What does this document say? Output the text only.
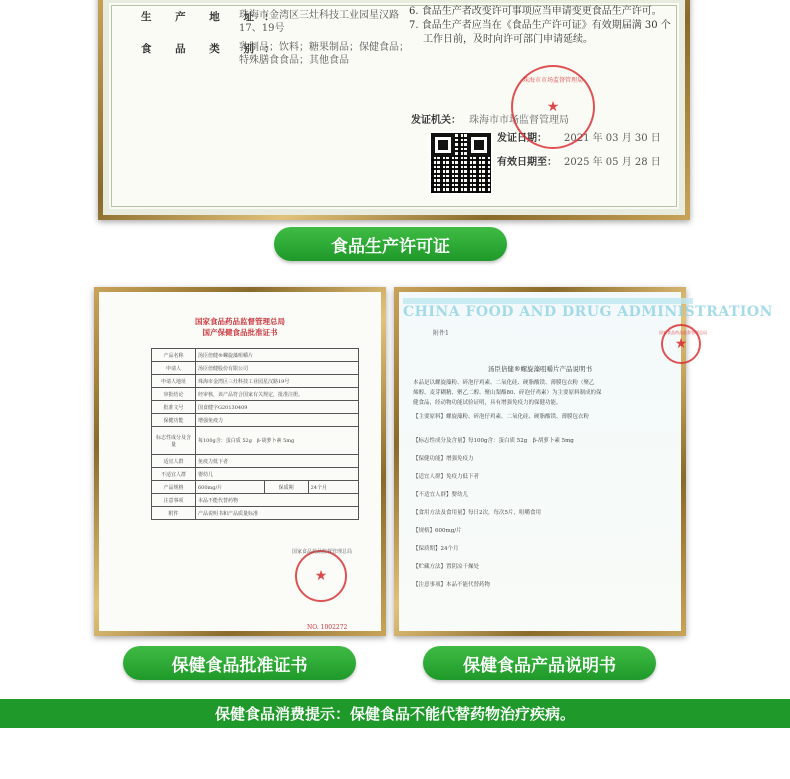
生 产 地 址：
珠海市金湾区三灶科技工业园星汉路17、19号
食 品 类 别：
乳制品；饮料；糖果制品；保健食品；特殊膳食食品；其他食品
6. 食品生产者改变许可事项应当申请变更食品生产许可。
7. 食品生产者应当在《食品生产许可证》有效期届满 30 个
工作日前，及时向许可部门申请延续。
发证机关： 珠海市市场监督管理局
发证日期： 2021 年 03 月 30 日
有效日期至： 2025 年 05 月 28 日
★
珠海市市场监督管理局
食品生产许可证
国家食品药品监督管理总局
国产保健食品批准证书
产品名称	汤臣倍健®螺旋藻咀嚼片		
申请人	汤臣倍健股份有限公司		
申请人地址	珠海市金湾区三灶科技工业园星汉路19号		
审批结论	经审核，该产品符合国家有关规定，批准注册。		
批准文号	国食健字G20130409		
保健功能	增强免疫力		
标志性成分及含量	每100g含：蛋白质 52g　β-胡萝卜素 5mg		
适宜人群	免疫力低下者		
不适宜人群	婴幼儿		
产品规格	600mg/片	保质期	24个月
注意事项	本品不能代替药物		
附件	产品说明书和产品质量标准		
★
国家食品药品监督管理总局
NO. 1002272
保健食品批准证书
CHINA FOOD AND DRUG ADMINISTRATION
附件1
汤臣倍健®螺旋藻咀嚼片产品说明书
本品是以螺旋藻粉、碎泡仔鸡素、二氧化硅、硬脂酸镁、薄膜包衣粉（聚乙
烯醇、麦芽糊精、聚乙二醇、聚山梨酯80、碎泡仔鸡素）为主要原料制成的保
健食品，经动物功能试验证明，具有增强免疫力的保健功能。
【主要原料】螺旋藻粉、碎泡仔鸡素、二氧化硅、硬脂酸镁、薄膜包衣粉
【标志性成分及含量】每100g含：蛋白质 52g　β-胡萝卜素 5mg
【保健功能】增强免疫力
【适宜人群】免疫力低下者
【不适宜人群】婴幼儿
【食用方法及食用量】每日2次，每次5片，咀嚼食用
【规格】600mg/片
【保质期】24个月
【贮藏方法】置阴凉干燥处
【注意事项】本品不能代替药物
★
国家食品药品监督管理总局
保健食品产品说明书
保健食品消费提示：保健食品不能代替药物治疗疾病。
